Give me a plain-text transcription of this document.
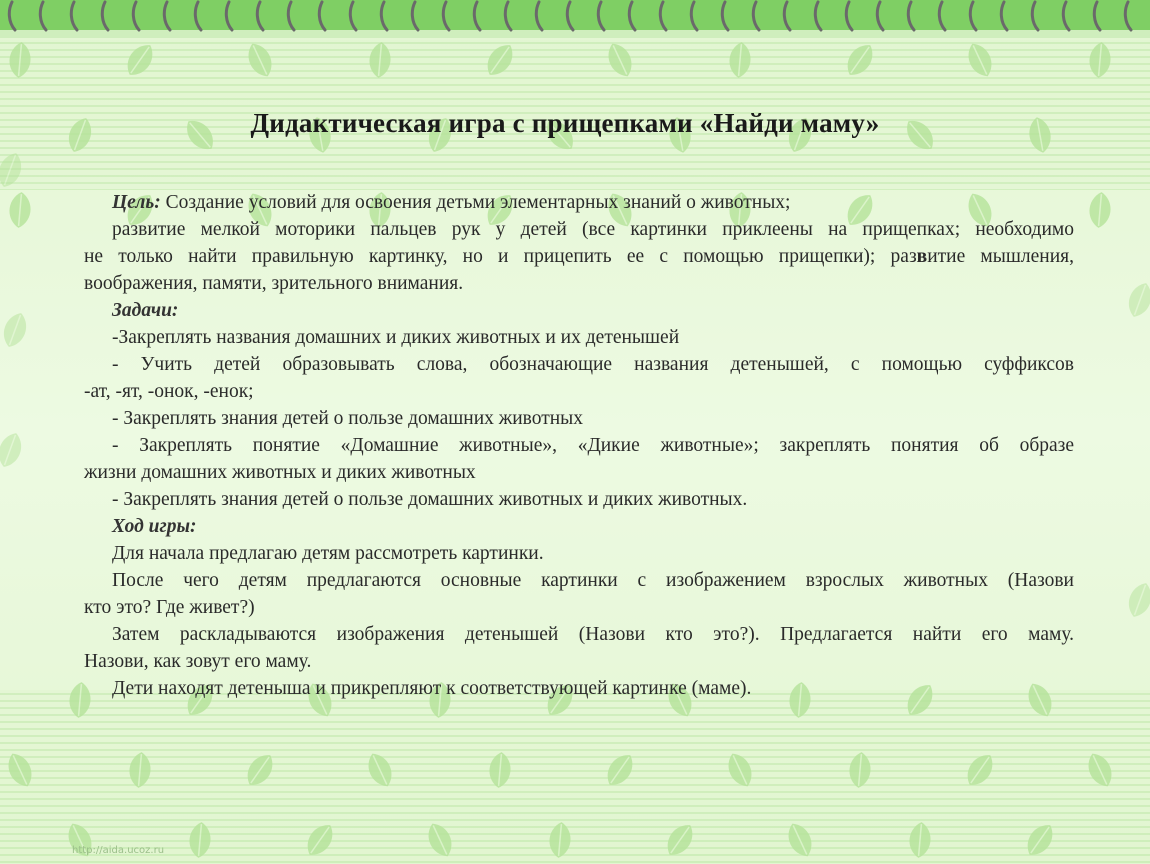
Дидактическая игра с прищепками «Найди маму»

Цель: Создание условий для освоения детьми элементарных знаний о животных;

развитие мелкой моторики пальцев рук у детей (все картинки приклеены на прищепках; необходимо

не только найти правильную картинку, но и прицепить ее с помощью прищепки); развитие мышления,

воображения, памяти, зрительного внимания.

Задачи:

-Закреплять названия домашних и диких животных и их детенышей

- Учить детей образовывать слова, обозначающие названия детенышей, с помощью суффиксов

-ат, -ят, -онок, -енок;

- Закреплять знания детей о пользе домашних животных

- Закреплять понятие «Домашние животные», «Дикие животные»; закреплять понятия об образе

жизни домашних животных и диких животных

- Закреплять знания детей о пользе домашних животных и диких животных.

Ход игры:

Для начала предлагаю детям рассмотреть картинки.

После чего детям предлагаются основные картинки с изображением взрослых животных (Назови

кто это? Где живет?)

Затем раскладываются изображения детенышей (Назови кто это?). Предлагается найти его маму.

Назови, как зовут его маму.

Дети находят детеныша и прикрепляют к соответствующей картинке (маме).

http://aida.ucoz.ru
